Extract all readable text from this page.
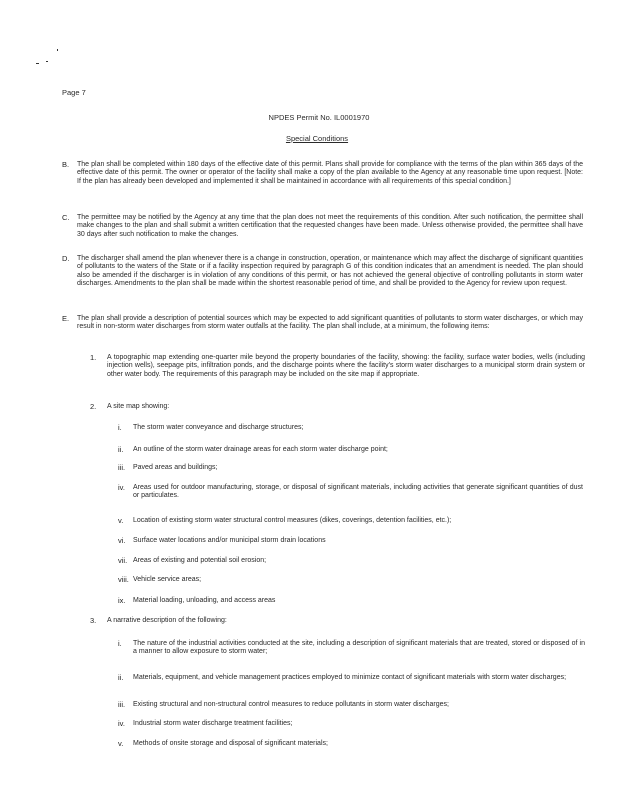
Page 7
NPDES Permit No. IL0001970
Special Conditions
B. The plan shall be completed within 180 days of the effective date of this permit. Plans shall provide for compliance with the terms of the plan within 365 days of the effective date of this permit. The owner or operator of the facility shall make a copy of the plan available to the Agency at any reasonable time upon request. [Note: If the plan has already been developed and implemented it shall be maintained in accordance with all requirements of this special condition.]

C. The permittee may be notified by the Agency at any time that the plan does not meet the requirements of this condition. After such notification, the permittee shall make changes to the plan and shall submit a written certification that the requested changes have been made. Unless otherwise provided, the permittee shall have 30 days after such notification to make the changes.

D. The discharger shall amend the plan whenever there is a change in construction, operation, or maintenance which may affect the discharge of significant quantities of pollutants to the waters of the State or if a facility inspection required by paragraph G of this condition indicates that an amendment is needed. The plan should also be amended if the discharger is in violation of any conditions of this permit, or has not achieved the general objective of controlling pollutants in storm water discharges. Amendments to the plan shall be made within the shortest reasonable period of time, and shall be provided to the Agency for review upon request.

E. The plan shall provide a description of potential sources which may be expected to add significant quantities of pollutants to storm water discharges, or which may result in non-storm water discharges from storm water outfalls at the facility. The plan shall include, at a minimum, the following items:

1. A topographic map extending one-quarter mile beyond the property boundaries of the facility, showing: the facility, surface water bodies, wells (including injection wells), seepage pits, infiltration ponds, and the discharge points where the facility's storm water discharges to a municipal storm drain system or other water body. The requirements of this paragraph may be included on the site map if appropriate.

2. A site map showing:

i. The storm water conveyance and discharge structures;

ii. An outline of the storm water drainage areas for each storm water discharge point;

iii. Paved areas and buildings;

iv. Areas used for outdoor manufacturing, storage, or disposal of significant materials, including activities that generate significant quantities of dust or particulates.

v. Location of existing storm water structural control measures (dikes, coverings, detention facilities, etc.);

vi. Surface water locations and/or municipal storm drain locations

vii. Areas of existing and potential soil erosion;

viii. Vehicle service areas;

ix. Material loading, unloading, and access areas

3. A narrative description of the following:

i. The nature of the industrial activities conducted at the site, including a description of significant materials that are treated, stored or disposed of in a manner to allow exposure to storm water;

ii. Materials, equipment, and vehicle management practices employed to minimize contact of significant materials with storm water discharges;

iii. Existing structural and non-structural control measures to reduce pollutants in storm water discharges;

iv. Industrial storm water discharge treatment facilities;

v. Methods of onsite storage and disposal of significant materials;
